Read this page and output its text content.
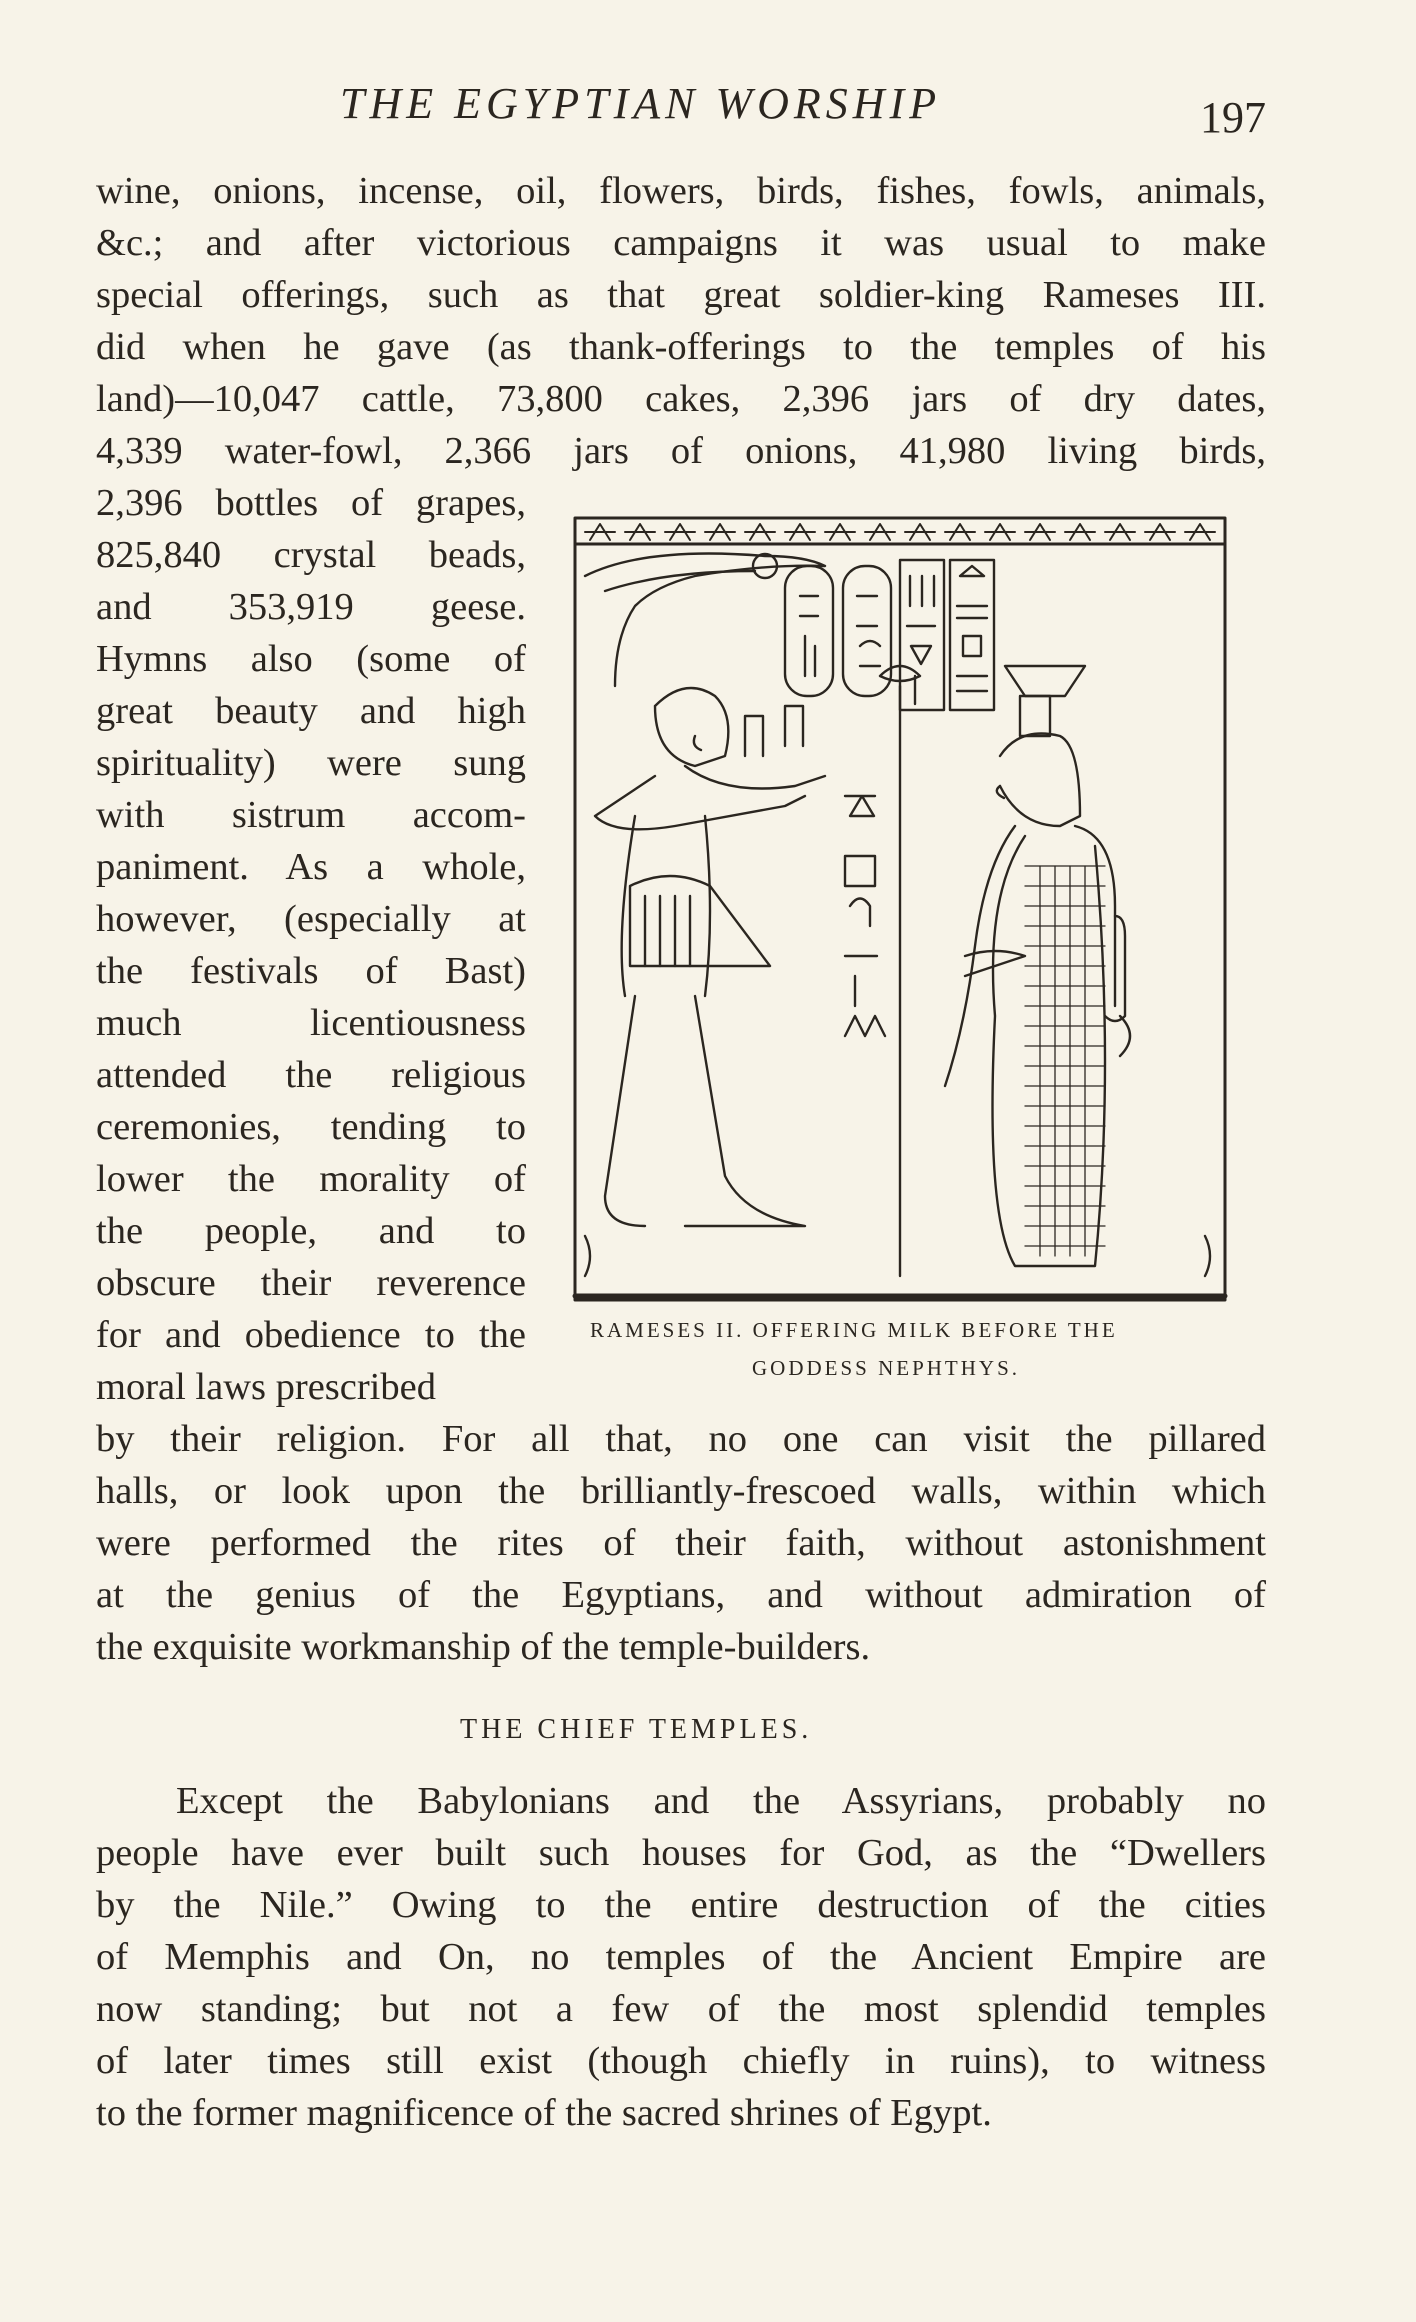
THE EGYPTIAN WORSHIP	197
wine, onions, incense, oil, flowers, birds, fishes, fowls, animals,
&c.; and after victorious campaigns it was usual to make
special offerings, such as that great soldier-king Rameses III.
did when he gave (as thank-offerings to the temples of his
land)—10,047 cattle, 73,800 cakes, 2,396 jars of dry dates,
4,339 water-fowl, 2,366 jars of onions, 41,980 living birds,
2,396 bottles of grapes,
825,840 crystal beads,
and 353,919 geese.
Hymns also (some of
great beauty and high
spirituality) were sung
with sistrum accom-
paniment. As a whole,
however, (especially at
the festivals of Bast)
much licentiousness
attended the religious
ceremonies, tending to
lower the morality of
the people, and to
obscure their reverence
for and obedience to the
moral laws prescribed
by their religion. For all that, no one can visit the pillared
halls, or look upon the brilliantly-frescoed walls, within which
were performed the rites of their faith, without astonishment
at the genius of the Egyptians, and without admiration of
the exquisite workmanship of the temple-builders.
RAMESES II. OFFERING MILK BEFORE THE
GODDESS NEPHTHYS.
THE CHIEF TEMPLES.
Except the Babylonians and the Assyrians, probably no
people have ever built such houses for God, as the “Dwellers
by the Nile.” Owing to the entire destruction of the cities
of Memphis and On, no temples of the Ancient Empire are
now standing; but not a few of the most splendid temples
of later times still exist (though chiefly in ruins), to witness
to the former magnificence of the sacred shrines of Egypt.
